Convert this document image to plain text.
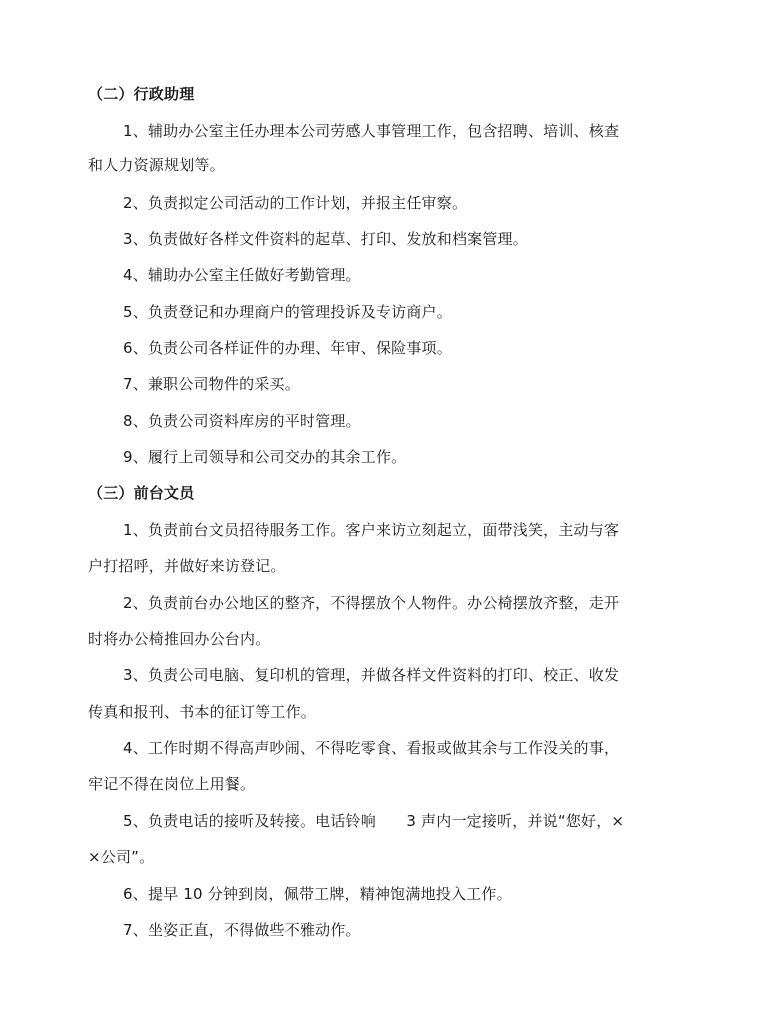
（二）行政助理
1、辅助办公室主任办理本公司劳感人事管理工作，包含招聘、培训、核查
和人力资源规划等。
2、负责拟定公司活动的工作计划，并报主任审察。
3、负责做好各样文件资料的起草、打印、发放和档案管理。
4、辅助办公室主任做好考勤管理。
5、负责登记和办理商户的管理投诉及专访商户。
6、负责公司各样证件的办理、年审、保险事项。
7、兼职公司物件的采买。
8、负责公司资料库房的平时管理。
9、履行上司领导和公司交办的其余工作。
（三）前台文员
1、负责前台文员招待服务工作。客户来访立刻起立，面带浅笑，主动与客
户打招呼，并做好来访登记。
2、负责前台办公地区的整齐，不得摆放个人物件。办公椅摆放齐整，走开
时将办公椅推回办公台内。
3、负责公司电脑、复印机的管理，并做各样文件资料的打印、校正、收发
传真和报刊、书本的征订等工作。
4、工作时期不得高声吵闹、不得吃零食、看报或做其余与工作没关的事，
牢记不得在岗位上用餐。
5、负责电话的接听及转接。电话铃响　　3 声内一定接听，并说“您好，×
×公司”。
6、提早 10 分钟到岗，佩带工牌，精神饱满地投入工作。
7、坐姿正直，不得做些不雅动作。
